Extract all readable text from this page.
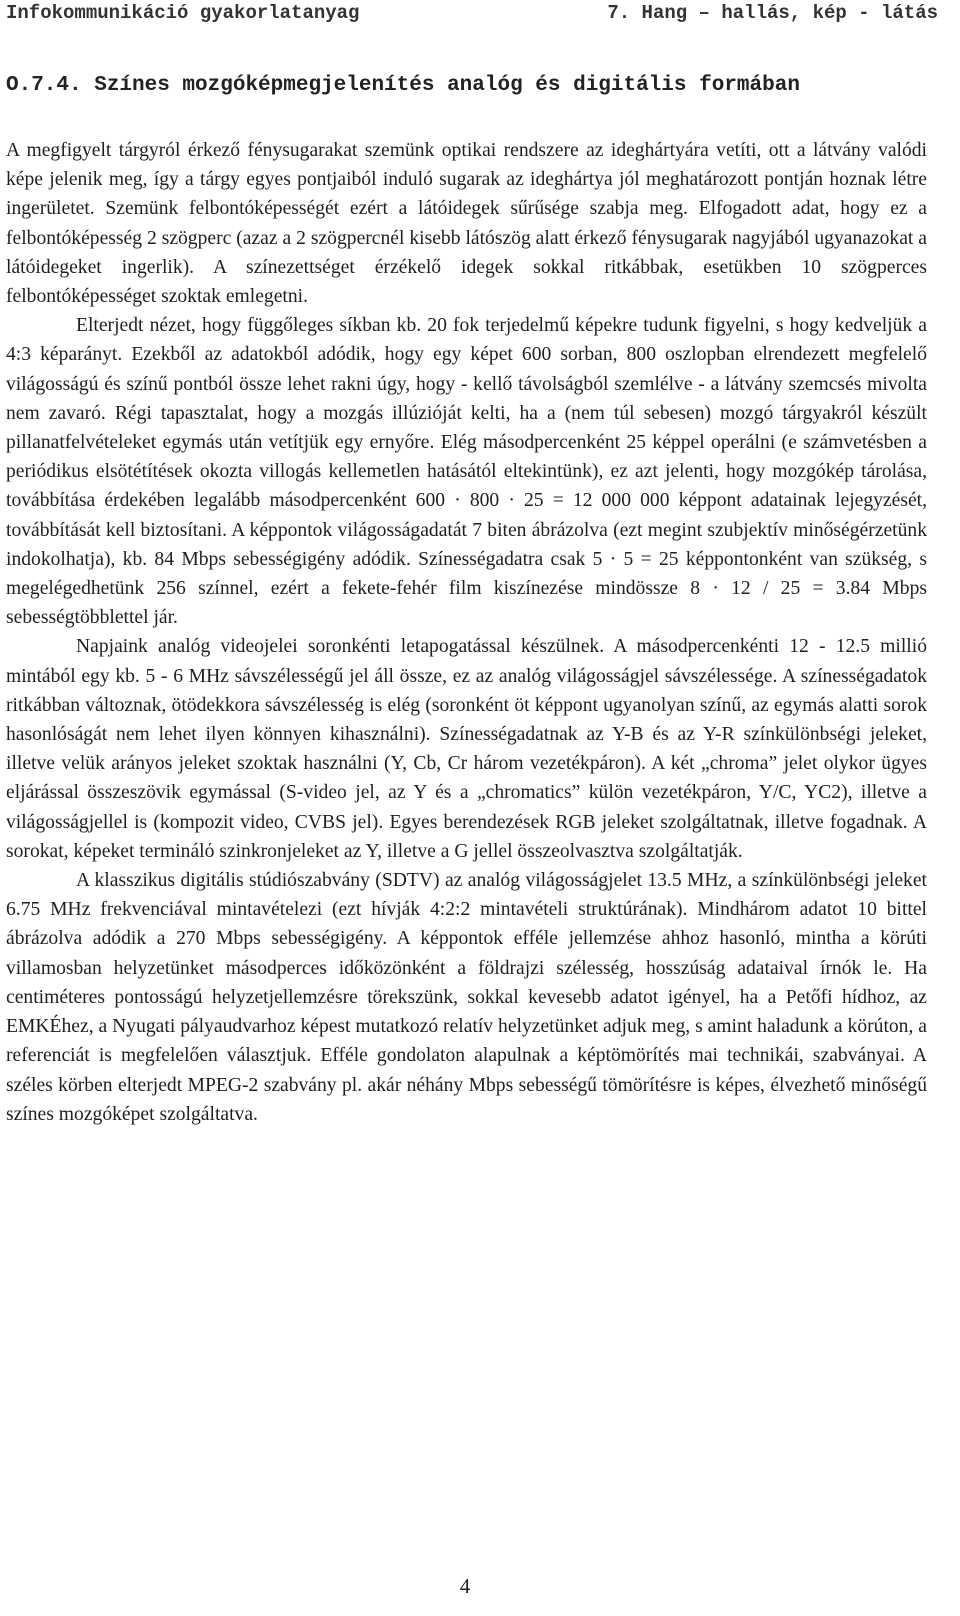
Infokommunikáció gyakorlatanyag	7. Hang – hallás, kép - látás
O.7.4. Színes mozgóképmegjelenítés analóg és digitális formában

A megfigyelt tárgyról érkező fénysugarakat szemünk optikai rendszere az ideghártyára vetíti, ott a látvány valódi képe jelenik meg, így a tárgy egyes pontjaiból induló sugarak az ideghártya jól meghatározott pontján hoznak létre ingerületet. Szemünk felbontóképességét ezért a látóidegek sűrűsége szabja meg. Elfogadott adat, hogy ez a felbontóképesség 2 szögperc (azaz a 2 szögpercnél kisebb látószög alatt érkező fénysugarak nagyjából ugyanazokat a látóidegeket ingerlik). A színezettséget érzékelő idegek sokkal ritkábbak, esetükben 10 szögperces felbontóképességet szoktak emlegetni.

Elterjedt nézet, hogy függőleges síkban kb. 20 fok terjedelmű képekre tudunk figyelni, s hogy kedveljük a 4:3 képarányt. Ezekből az adatokból adódik, hogy egy képet 600 sorban, 800 oszlopban elrendezett megfelelő világosságú és színű pontból össze lehet rakni úgy, hogy - kellő távolságból szemlélve - a látvány szemcsés mivolta nem zavaró. Régi tapasztalat, hogy a mozgás illúzióját kelti, ha a (nem túl sebesen) mozgó tárgyakról készült pillanatfelvételeket egymás után vetítjük egy ernyőre. Elég másodpercenként 25 képpel operálni (e számvetésben a periódikus elsötétítések okozta villogás kellemetlen hatásától eltekintünk), ez azt jelenti, hogy mozgókép tárolása, továbbítása érdekében legalább másodpercenként 600 · 800 · 25 = 12 000 000 képpont adatainak lejegyzését, továbbítását kell biztosítani. A képpontok világosságadatát 7 biten ábrázolva (ezt megint szubjektív minőségérzetünk indokolhatja), kb. 84 Mbps sebességigény adódik. Színességadatra csak 5 · 5 = 25 képpontonként van szükség, s megelégedhetünk 256 színnel, ezért a fekete-fehér film kiszínezése mindössze 8 · 12 / 25 = 3.84 Mbps sebességtöbblettel jár.

Napjaink analóg videojelei soronkénti letapogatással készülnek. A másodpercenkénti 12 - 12.5 millió mintából egy kb. 5 - 6 MHz sávszélességű jel áll össze, ez az analóg világosságjel sávszélessége. A színességadatok ritkábban változnak, ötödekkora sávszélesség is elég (soronként öt képpont ugyanolyan színű, az egymás alatti sorok hasonlóságát nem lehet ilyen könnyen kihasználni). Színességadatnak az Y-B és az Y-R színkülönbségi jeleket, illetve velük arányos jeleket szoktak használni (Y, Cb, Cr három vezetékpáron). A két „chroma” jelet olykor ügyes eljárással összeszövik egymással (S-video jel, az Y és a „chromatics” külön vezetékpáron, Y/C, YC2), illetve a világosságjellel is (kompozit video, CVBS jel). Egyes berendezések RGB jeleket szolgáltatnak, illetve fogadnak. A sorokat, képeket terminálό szinkronjeleket az Y, illetve a G jellel összeolvasztva szolgáltatják.

A klasszikus digitális stúdiószabvány (SDTV) az analóg világosságjelet 13.5 MHz, a színkülönbségi jeleket 6.75 MHz frekvenciával mintavételezi (ezt hívják 4:2:2 mintavételi struktúrának). Mindhárom adatot 10 bittel ábrázolva adódik a 270 Mbps sebességigény. A képpontok efféle jellemzése ahhoz hasonló, mintha a körúti villamosban helyzetünket másodperces időközönként a földrajzi szélesség, hosszúság adataival írnók le. Ha centiméteres pontosságú helyzetjellemzésre törekszünk, sokkal kevesebb adatot igényel, ha a Petőfi hídhoz, az EMKÉhez, a Nyugati pályaudvarhoz képest mutatkozó relatív helyzetünket adjuk meg, s amint haladunk a körúton, a referenciát is megfelelően választjuk. Efféle gondolaton alapulnak a képtömörítés mai technikái, szabványai. A széles körben elterjedt MPEG-2 szabvány pl. akár néhány Mbps sebességű tömörítésre is képes, élvezhető minőségű színes mozgóképet szolgáltatva.

4
